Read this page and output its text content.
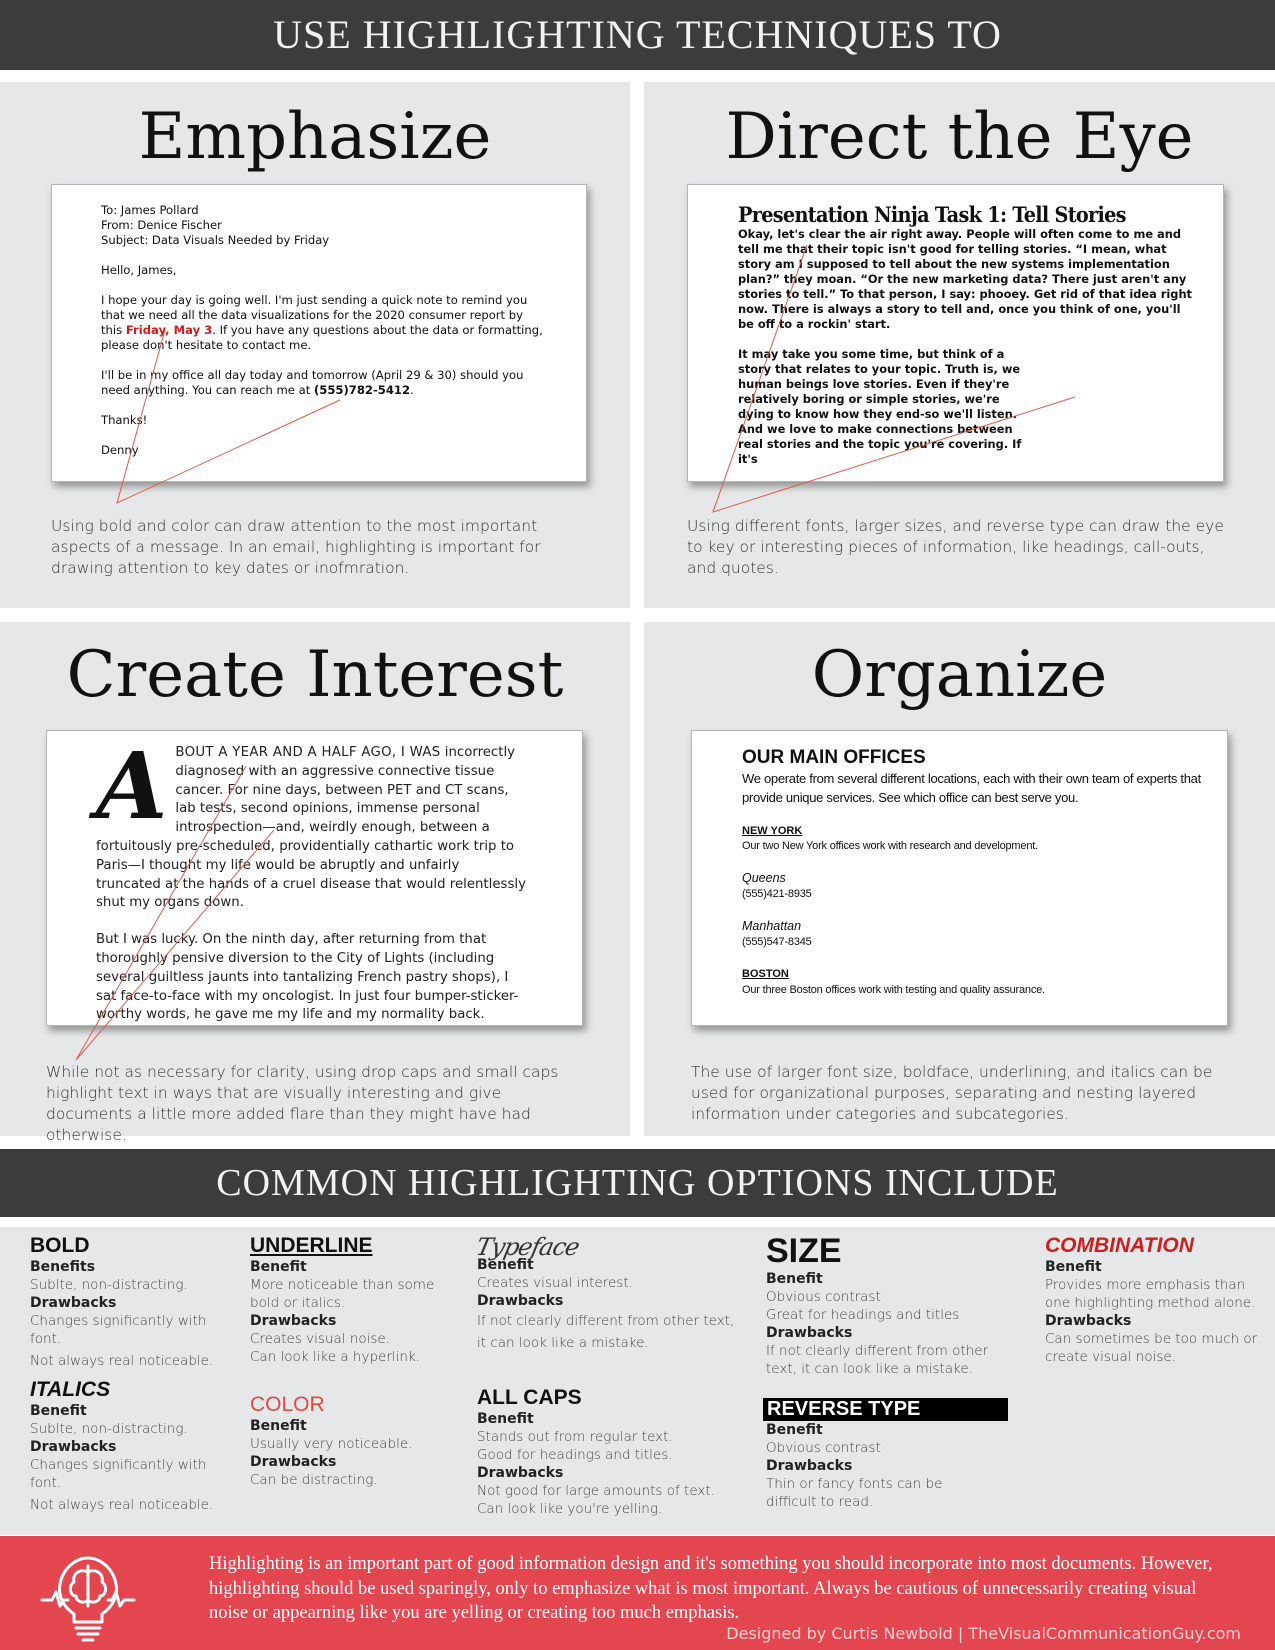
USE HIGHLIGHTING TECHNIQUES TO
Emphasize
To: James Pollard
From: Denice Fischer

Subject: Data Visuals Needed by Friday

Hello, James,

I hope your day is going well. I'm just sending a quick note to remind you that we need all the data visualizations for the 2020 consumer report by this Friday, May 3. If you have any questions about the data or formatting, please don't hesitate to contact me.

I'll be in my office all day today and tomorrow (April 29 & 30) should you need anything. You can reach me at (555)782-5412.

Thanks!

Denny

Using bold and color can draw attention to the most important aspects of a message. In an email, highlighting is important for drawing attention to key dates or inofmration.
Direct the Eye
Presentation Ninja Task 1: Tell Stories
Okay, let's clear the air right away. People will often come to me and tell me that their topic isn't good for telling stories. “I mean, what story am I supposed to tell about the new systems implementation plan?” they moan. “Or the new marketing data? There just aren't any stories to tell.” To that person, I say: phooey. Get rid of that idea right now. There is always a story to tell and, once you think of one, you'll be off to a rockin' start.
It may take you some time, but think of a story that relates to your topic. Truth is, we human beings love stories. Even if they're relatively boring or simple stories, we're dying to know how they end-so we'll listen. And we love to make connections between real stories and the topic you're covering. If it's
Using different fonts, larger sizes, and reverse type can draw the eye to key or interesting pieces of information, like headings, call-outs, and quotes.
Create Interest
ABOUT A YEAR AND A HALF AGO, I WAS incorrectly diagnosed with an aggressive connective tissue cancer. For nine days, between PET and CT scans, lab tests, second opinions, immense personal introspection—and, weirdly enough, between a fortuitously pre-scheduled, providentially cathartic work trip to Paris—I thought my life would be abruptly and unfairly truncated at the hands of a cruel disease that would relentlessly shut my organs down.
But I was lucky. On the ninth day, after returning from that thoroughly pensive diversion to the City of Lights (including several guiltless jaunts into tantalizing French pastry shops), I sat face-to-face with my oncologist. In just four bumper-sticker-worthy words, he gave me my life and my normality back.
While not as necessary for clarity, using drop caps and small caps highlight text in ways that are visually interesting and give documents a little more added flare than they might have had otherwise.
Organize
OUR MAIN OFFICES
We operate from several different locations, each with their own team of experts that provide unique services. See which office can best serve you.
NEW YORK
Our two New York offices work with research and development.
Queens
(555)421-8935
Manhattan
(555)547-8345
BOSTON
Our three Boston offices work with testing and quality assurance.
The use of larger font size, boldface, underlining, and italics can be used for organizational purposes, separating and nesting layered information under categories and subcategories.
COMMON HIGHLIGHTING OPTIONS INCLUDE
BOLD
Benefits
Sublte, non-distracting.
Drawbacks
Changes significantly with font.
Not always real noticeable.
ITALICS
Benefit
Sublte, non-distracting.
Drawbacks
Changes significantly with font.
Not always real noticeable.
UNDERLINE
Benefit
More noticeable than some bold or italics.
Drawbacks
Creates visual noise.
Can look like a hyperlink.
COLOR
Benefit
Usually very noticeable.
Drawbacks
Can be distracting.
Typeface
Benefit
Creates visual interest.
Drawbacks
If not clearly different from other text, it can look like a mistake.
ALL CAPS
Benefit
Stands out from regular text.
Good for headings and titles.
Drawbacks
Not good for large amounts of text.
Can look like you're yelling.
SIZE
Benefit
Obvious contrast
Great for headings and titles
Drawbacks
If not clearly different from other text, it can look like a mistake.
REVERSE TYPE
Benefit
Obvious contrast
Drawbacks
Thin or fancy fonts can be difficult to read.
COMBINATION
Benefit
Provides more emphasis than one highlighting method alone.
Drawbacks
Can sometimes be too much or create visual noise.
Highlighting is an important part of good information design and it's something you should incorporate into most documents. However, highlighting should be used sparingly, only to emphasize what is most important. Always be cautious of unnecessarily creating visual noise or appearning like you are yelling or creating too much emphasis.
Designed by Curtis Newbold | TheVisualCommunicationGuy.com
